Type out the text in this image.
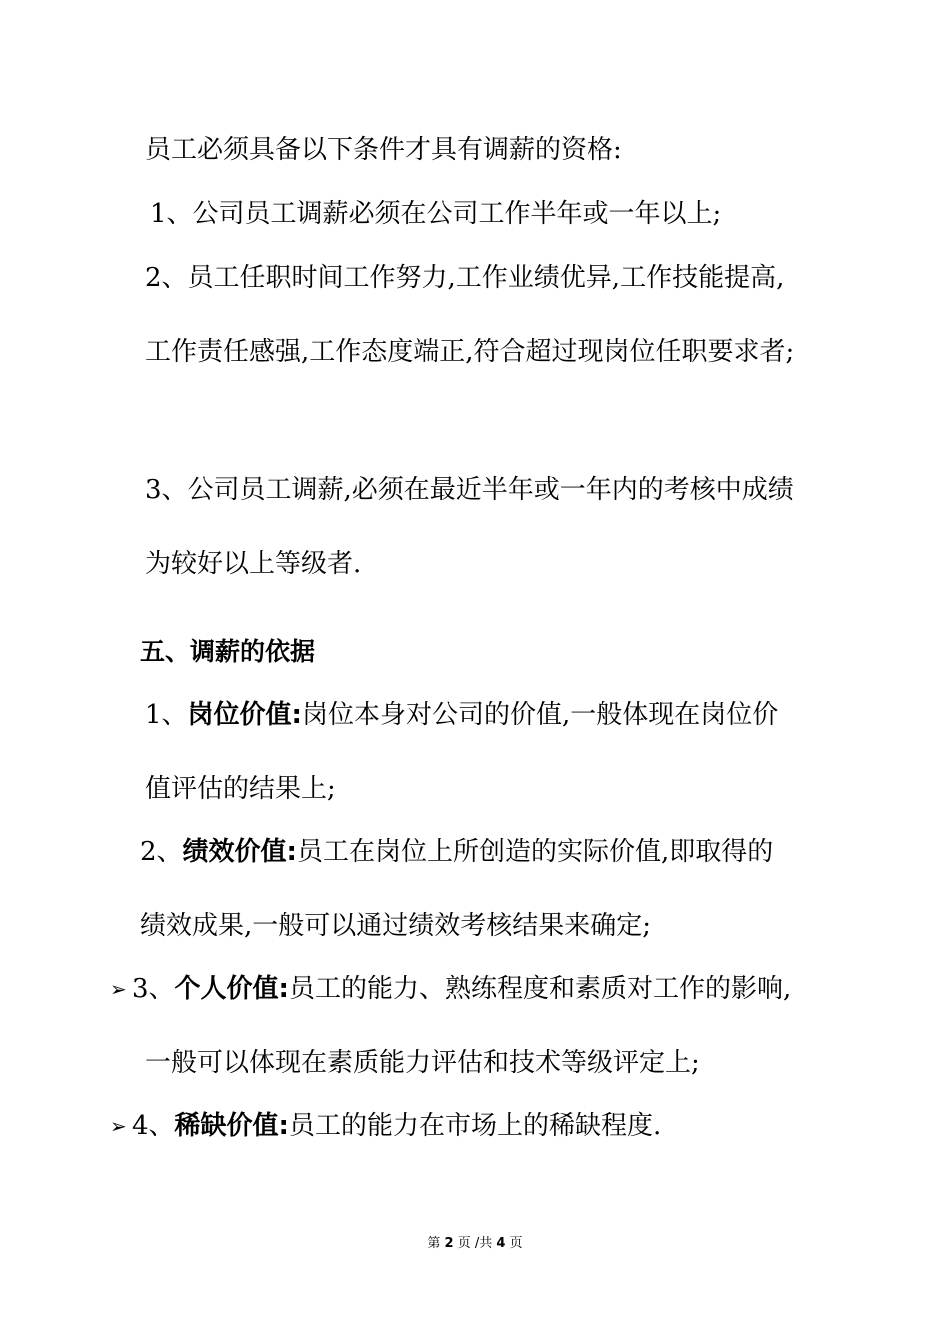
员工必须具备以下条件才具有调薪的资格:
1、公司员工调薪必须在公司工作半年或一年以上;
2、员工任职时间工作努力,工作业绩优异,工作技能提高,
工作责任感强,工作态度端正,符合超过现岗位任职要求者;
3、公司员工调薪,必须在最近半年或一年内的考核中成绩
为较好以上等级者.
五、调薪的依据
1、岗位价值:岗位本身对公司的价值,一般体现在岗位价
值评估的结果上;
2、绩效价值:员工在岗位上所创造的实际价值,即取得的
绩效成果,一般可以通过绩效考核结果来确定;
➢ 3、个人价值:员工的能力、熟练程度和素质对工作的影响,
一般可以体现在素质能力评估和技术等级评定上;
➢ 4、稀缺价值:员工的能力在市场上的稀缺程度.
第 2 页 /共 4 页
